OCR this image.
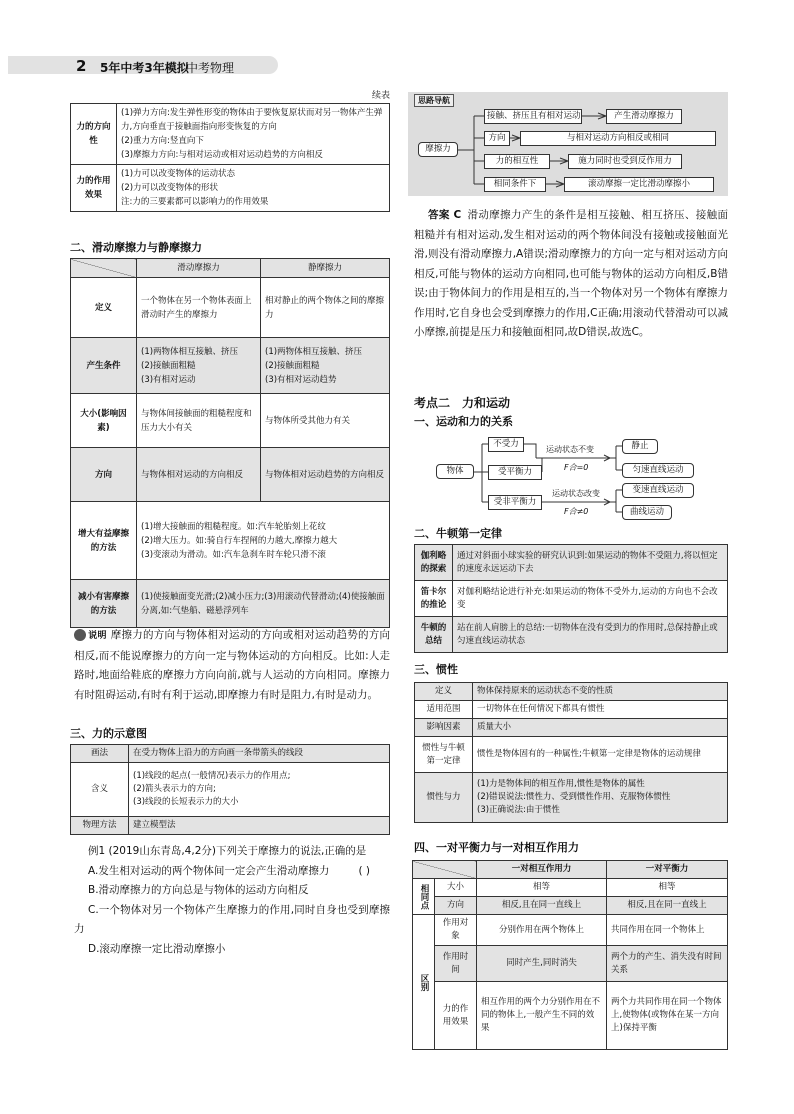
2 5年中考3年模拟
中考物理
续表
力的方向性	(1)弹力方向:发生弹性形变的物体由于要恢复原状而对另一物体产生弹力,方向垂直于接触面指向形变恢复的方向
(2)重力方向:竖直向下
(3)摩擦力方向:与相对运动或相对运动趋势的方向相反

力的作用效果	(1)力可以改变物体的运动状态
(2)力可以改变物体的形状
注:力的三要素都可以影响力的作用效果
二、滑动摩擦力与静摩擦力
	滑动摩擦力	静摩擦力
定义	一个物体在另一个物体表面上滑动时产生的摩擦力	相对静止的两个物体之间的摩擦力
产生条件	(1)两物体相互接触、挤压
(2)接触面粗糙
(3)有相对运动	(1)两物体相互接触、挤压
(2)接触面粗糙
(3)有相对运动趋势
大小(影响因素)	与物体间接触面的粗糙程度和压力大小有关	与物体所受其他力有关
方向	与物体相对运动的方向相反	与物体相对运动趋势的方向相反
增大有益摩擦的方法	(1)增大接触面的粗糙程度。如:汽车轮胎刻上花纹
(2)增大压力。如:骑自行车捏闸的力越大,摩擦力越大
(3)变滚动为滑动。如:汽车急刹车时车轮只滑不滚	
减小有害摩擦的方法	(1)使接触面变光滑;(2)减小压力;(3)用滚动代替滑动;(4)使接触面分离,如:气垫船、磁悬浮列车	
说明 摩擦力的方向与物体相对运动的方向或相对运动趋势的方向相反,而不能说摩擦力的方向一定与物体运动的方向相反。比如:人走路时,地面给鞋底的摩擦力方向向前,就与人运动的方向相同。摩擦力有时阻碍运动,有时有利于运动,即摩擦力有时是阻力,有时是动力。
三、力的示意图
画法	在受力物体上沿力的方向画一条带箭头的线段
含义	(1)线段的起点(一般情况)表示力的作用点;
(2)箭头表示力的方向;
(3)线段的长短表示力的大小
物理方法	建立模型法
例1 (2019山东青岛,4,2分)下列关于摩擦力的说法,正确的是
( )
A.发生相对运动的两个物体间一定会产生滑动摩擦力
B.滑动摩擦力的方向总是与物体的运动方向相反
C.一个物体对另一个物体产生摩擦力的作用,同时自身也受到摩擦力
D.滚动摩擦一定比滑动摩擦小
思路导航
摩擦力
接触、挤压且有相对运动
方向
力的相互性
相同条件下
产生滑动摩擦力
与相对运动方向相反或相同
施力同时也受到反作用力
滚动摩擦一定比滑动摩擦小
答案 C 滑动摩擦力产生的条件是相互接触、相互挤压、接触面粗糙并有相对运动,发生相对运动的两个物体间没有接触或接触面光滑,则没有滑动摩擦力,A错误;滑动摩擦力的方向一定与相对运动方向相反,可能与物体的运动方向相同,也可能与物体的运动方向相反,B错误;由于物体间力的作用是相互的,当一个物体对另一个物体有摩擦力作用时,它自身也会受到摩擦力的作用,C正确;用滚动代替滑动可以减小摩擦,前提是压力和接触面相同,故D错误,故选C。
考点二　力和运动
一、运动和力的关系
物体
不受力
受平衡力
受非平衡力
运动状态不变
F合=0
运动状态改变
F合≠0
静止
匀速直线运动
变速直线运动
曲线运动
二、牛顿第一定律
伽利略的探索	通过对斜面小球实验的研究认识到:如果运动的物体不受阻力,将以恒定的速度永远运动下去
笛卡尔的推论	对伽利略结论进行补充:如果运动的物体不受外力,运动的方向也不会改变
牛顿的总结	站在前人肩膀上的总结:一切物体在没有受到力的作用时,总保持静止或匀速直线运动状态
三、惯性
定义	物体保持原来的运动状态不变的性质
适用范围	一切物体在任何情况下都具有惯性
影响因素	质量大小
惯性与牛顿第一定律	惯性是物体固有的一种属性;牛顿第一定律是物体的运动规律
惯性与力	(1)力是物体间的相互作用,惯性是物体的属性
(2)错误说法:惯性力、受到惯性作用、克服物体惯性
(3)正确说法:由于惯性
四、一对平衡力与一对相互作用力
		一对相互作用力	一对平衡力
相同点	大小	相等	相等
	方向	相反,且在同一直线上	相反,且在同一直线上
区别	作用对象	分别作用在两个物体上	共同作用在同一个物体上
	作用时间	同时产生,同时消失	两个力的产生、消失没有时间关系
	力的作用效果	相互作用的两个力分别作用在不同的物体上,一般产生不同的效果	两个力共同作用在同一个物体上,使物体(或物体在某一方向上)保持平衡
